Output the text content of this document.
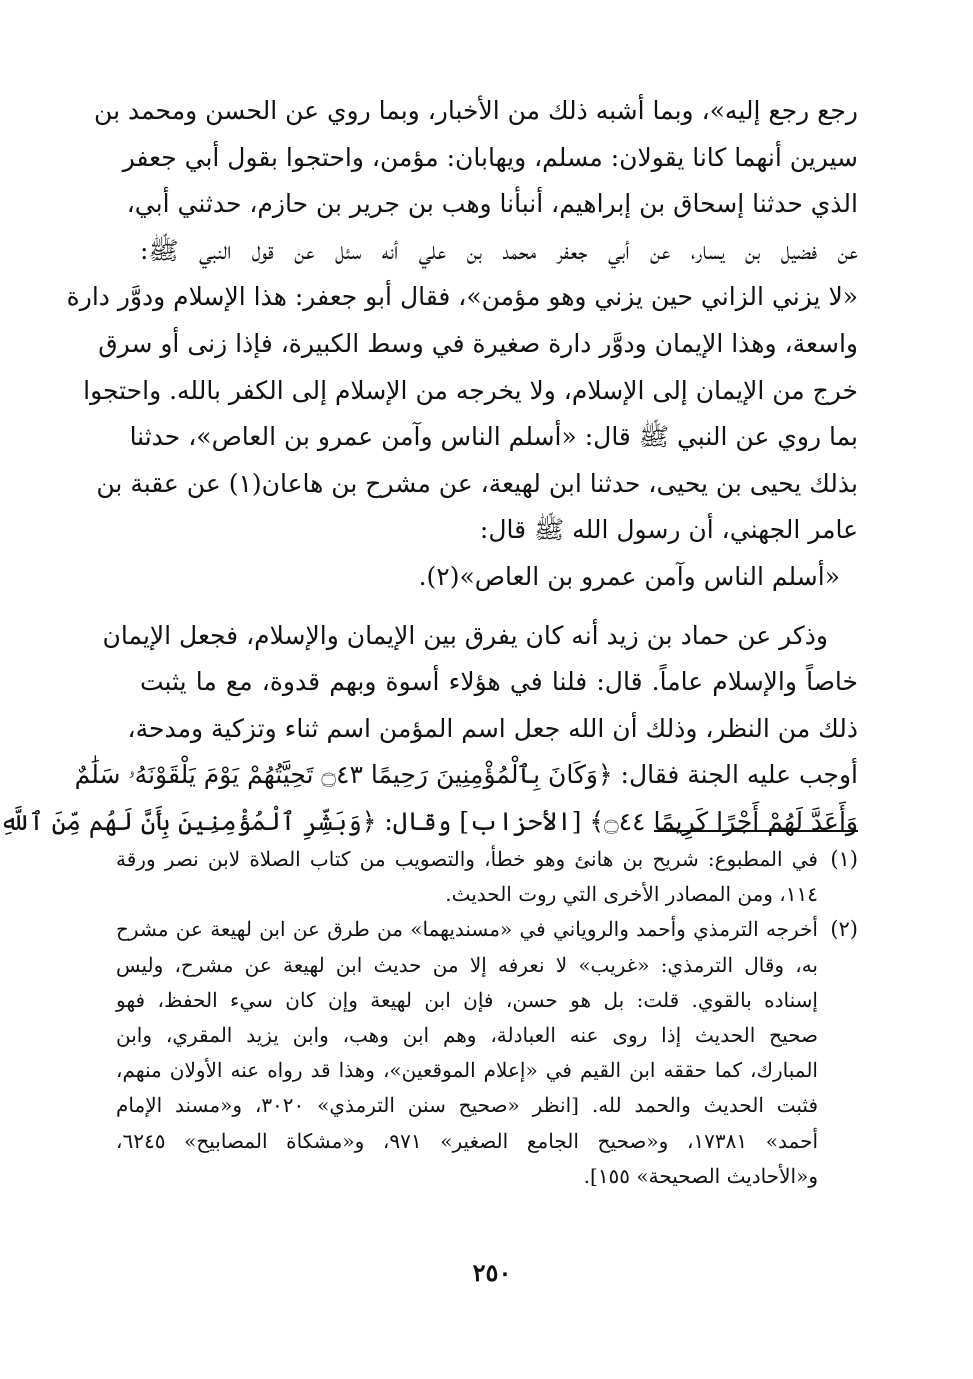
رجع رجع إليه»، وبما أشبه ذلك من الأخبار، وبما روي عن الحسن ومحمد بن
سيرين أنهما كانا يقولان: مسلم، ويهابان: مؤمن، واحتجوا بقول أبي جعفر
الذي حدثنا إسحاق بن إبراهيم، أنبأنا وهب بن جرير بن حازم، حدثني أبي،
عن فضيل بن يسار، عن أبي جعفر محمد بن علي أنه سئل عن قول النبي ﷺ:
«لا يزني الزاني حين يزني وهو مؤمن»، فقال أبو جعفر: هذا الإسلام ودوَّر دارة
واسعة، وهذا الإيمان ودوَّر دارة صغيرة في وسط الكبيرة، فإذا زنى أو سرق
خرج من الإيمان إلى الإسلام، ولا يخرجه من الإسلام إلى الكفر بالله. واحتجوا
بما روي عن النبي ﷺ قال: «أسلم الناس وآمن عمرو بن العاص»، حدثنا
بذلك يحيى بن يحيى، حدثنا ابن لهيعة، عن مشرح بن هاعان(١) عن عقبة بن
عامر الجهني، أن رسول الله ﷺ قال:
«أسلم الناس وآمن عمرو بن العاص»(٢).
وذكر عن حماد بن زيد أنه كان يفرق بين الإيمان والإسلام، فجعل الإيمان
خاصاً والإسلام عاماً. قال: فلنا في هؤلاء أسوة وبهم قدوة، مع ما يثبت
ذلك من النظر، وذلك أن الله جعل اسم المؤمن اسم ثناء وتزكية ومدحة،
أوجب عليه الجنة فقال: ﴿وَكَانَ بِٱلْمُؤْمِنِينَ رَحِيمًا ۝٤٣ تَحِيَّتُهُمْ يَوْمَ يَلْقَوْنَهُۥ سَلَٰمٌ
وَأَعَدَّ لَهُمْ أَجْرًا كَرِيمًا ۝٤٤﴾ [الأحزاب] وقال: ﴿وَبَشِّرِ ٱلْمُؤْمِنِينَ بِأَنَّ لَهُم مِّنَ ٱللَّهِ
(١)
في المطبوع: شريح بن هانئ وهو خطأ، والتصويب من كتاب الصلاة لابن نصر ورقة
١١٤، ومن المصادر الأخرى التي روت الحديث.
(٢)
أخرجه الترمذي وأحمد والروياني في «مسنديهما» من طرق عن ابن لهيعة عن مشرح
به، وقال الترمذي: «غريب» لا نعرفه إلا من حديث ابن لهيعة عن مشرح، وليس
إسناده بالقوي. قلت: بل هو حسن، فإن ابن لهيعة وإن كان سيء الحفظ، فهو
صحيح الحديث إذا روى عنه العبادلة، وهم ابن وهب، وابن يزيد المقري، وابن
المبارك، كما حققه ابن القيم في «إعلام الموقعين»، وهذا قد رواه عنه الأولان منهم،
فثبت الحديث والحمد لله. [انظر «صحيح سنن الترمذي» ٣٠٢٠، و«مسند الإمام
أحمد» ١٧٣٨١، و«صحيح الجامع الصغير» ٩٧١، و«مشكاة المصابيح» ٦٢٤٥،
و«الأحاديث الصحيحة» ١٥٥].
٢٥٠
